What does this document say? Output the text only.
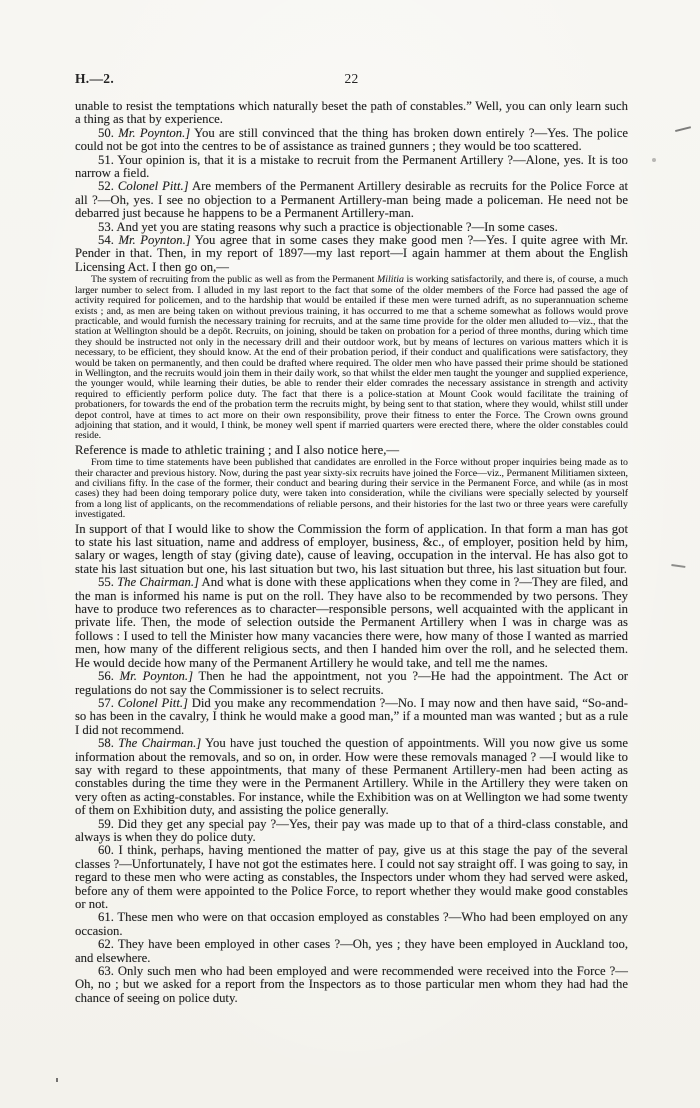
H.—2.	22

unable to resist the temptations which naturally beset the path of constables.” Well, you can only learn such a thing as that by experience.

50. Mr. Poynton.] You are still convinced that the thing has broken down entirely ?—Yes. The police could not be got into the centres to be of assistance as trained gunners ; they would be too scattered.

51. Your opinion is, that it is a mistake to recruit from the Permanent Artillery ?—Alone, yes. It is too narrow a field.

52. Colonel Pitt.] Are members of the Permanent Artillery desirable as recruits for the Police Force at all ?—Oh, yes. I see no objection to a Permanent Artillery-man being made a policeman. He need not be debarred just because he happens to be a Permanent Artillery-man.

53. And yet you are stating reasons why such a practice is objectionable ?—In some cases.

54. Mr. Poynton.] You agree that in some cases they make good men ?—Yes. I quite agree with Mr. Pender in that. Then, in my report of 1897—my last report—I again hammer at them about the English Licensing Act. I then go on,—

The system of recruiting from the public as well as from the Permanent Militia is working satisfactorily, and there is, of course, a much larger number to select from. I alluded in my last report to the fact that some of the older members of the Force had passed the age of activity required for policemen, and to the hardship that would be entailed if these men were turned adrift, as no superannuation scheme exists ; and, as men are being taken on without previous training, it has occurred to me that a scheme somewhat as follows would prove practicable, and would furnish the necessary training for recruits, and at the same time provide for the older men alluded to—viz., that the station at Wellington should be a depôt. Recruits, on joining, should be taken on probation for a period of three months, during which time they should be instructed not only in the necessary drill and their outdoor work, but by means of lectures on various matters which it is necessary, to be efficient, they should know. At the end of their probation period, if their conduct and qualifications were satisfactory, they would be taken on permanently, and then could be drafted where required. The older men who have passed their prime should be stationed in Wellington, and the recruits would join them in their daily work, so that whilst the elder men taught the younger and supplied experience, the younger would, while learning their duties, be able to render their elder comrades the necessary assistance in strength and activity required to efficiently perform police duty. The fact that there is a police-station at Mount Cook would facilitate the training of probationers, for towards the end of the probation term the recruits might, by being sent to that station, where they would, whilst still under depot control, have at times to act more on their own responsibility, prove their fitness to enter the Force. The Crown owns ground adjoining that station, and it would, I think, be money well spent if married quarters were erected there, where the older constables could reside.

Reference is made to athletic training ; and I also notice here,—

From time to time statements have been published that candidates are enrolled in the Force without proper inquiries being made as to their character and previous history. Now, during the past year sixty-six recruits have joined the Force—viz., Permanent Militiamen sixteen, and civilians fifty. In the case of the former, their conduct and bearing during their service in the Permanent Force, and while (as in most cases) they had been doing temporary police duty, were taken into consideration, while the civilians were specially selected by yourself from a long list of applicants, on the recommendations of reliable persons, and their histories for the last two or three years were carefully investigated.

In support of that I would like to show the Commission the form of application. In that form a man has got to state his last situation, name and address of employer, business, &c., of employer, position held by him, salary or wages, length of stay (giving date), cause of leaving, occupation in the interval. He has also got to state his last situation but one, his last situation but two, his last situation but three, his last situation but four.

55. The Chairman.] And what is done with these applications when they come in ?—They are filed, and the man is informed his name is put on the roll. They have also to be recommended by two persons. They have to produce two references as to character—responsible persons, well acquainted with the applicant in private life. Then, the mode of selection outside the Permanent Artillery when I was in charge was as follows : I used to tell the Minister how many vacancies there were, how many of those I wanted as married men, how many of the different religious sects, and then I handed him over the roll, and he selected them. He would decide how many of the Permanent Artillery he would take, and tell me the names.

56. Mr. Poynton.] Then he had the appointment, not you ?—He had the appointment. The Act or regulations do not say the Commissioner is to select recruits.

57. Colonel Pitt.] Did you make any recommendation ?—No. I may now and then have said, “So-and-so has been in the cavalry, I think he would make a good man,” if a mounted man was wanted ; but as a rule I did not recommend.

58. The Chairman.] You have just touched the question of appointments. Will you now give us some information about the removals, and so on, in order. How were these removals managed ? —I would like to say with regard to these appointments, that many of these Permanent Artillery-men had been acting as constables during the time they were in the Permanent Artillery. While in the Artillery they were taken on very often as acting-constables. For instance, while the Exhibition was on at Wellington we had some twenty of them on Exhibition duty, and assisting the police generally.

59. Did they get any special pay ?—Yes, their pay was made up to that of a third-class constable, and always is when they do police duty.

60. I think, perhaps, having mentioned the matter of pay, give us at this stage the pay of the several classes ?—Unfortunately, I have not got the estimates here. I could not say straight off. I was going to say, in regard to these men who were acting as constables, the Inspectors under whom they had served were asked, before any of them were appointed to the Police Force, to report whether they would make good constables or not.

61. These men who were on that occasion employed as constables ?—Who had been employed on any occasion.

62. They have been employed in other cases ?—Oh, yes ; they have been employed in Auckland too, and elsewhere.

63. Only such men who had been employed and were recommended were received into the Force ?—Oh, no ; but we asked for a report from the Inspectors as to those particular men whom they had had the chance of seeing on police duty.
